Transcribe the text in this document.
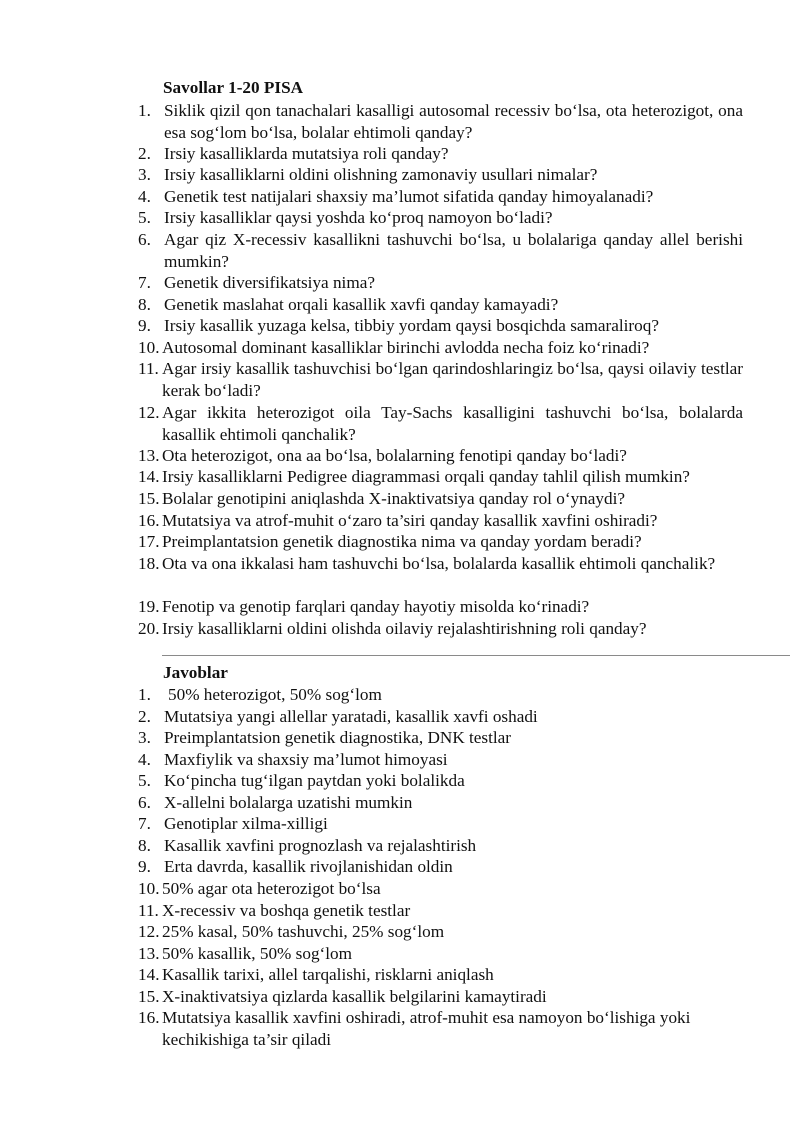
Savollar 1-20 PISA
1. Siklik qizil qon tanachalari kasalligi autosomal recessiv bo‘lsa, ota heterozigot, ona esa sog‘lom bo‘lsa, bolalar ehtimoli qanday?
2. Irsiy kasalliklarda mutatsiya roli qanday?
3. Irsiy kasalliklarni oldini olishning zamonaviy usullari nimalar?
4. Genetik test natijalari shaxsiy ma’lumot sifatida qanday himoyalanadi?
5. Irsiy kasalliklar qaysi yoshda ko‘proq namoyon bo‘ladi?
6. Agar qiz X-recessiv kasallikni tashuvchi bo‘lsa, u bolalariga qanday allel berishi mumkin?
7. Genetik diversifikatsiya nima?
8. Genetik maslahat orqali kasallik xavfi qanday kamayadi?
9. Irsiy kasallik yuzaga kelsa, tibbiy yordam qaysi bosqichda samaraliroq?
10. Autosomal dominant kasalliklar birinchi avlodda necha foiz ko‘rinadi?
11. Agar irsiy kasallik tashuvchisi bo‘lgan qarindoshlaringiz bo‘lsa, qaysi oilaviy testlar kerak bo‘ladi?
12. Agar ikkita heterozigot oila Tay-Sachs kasalligini tashuvchi bo‘lsa, bolalarda kasallik ehtimoli qanchalik?
13. Ota heterozigot, ona aa bo‘lsa, bolalarning fenotipi qanday bo‘ladi?
14. Irsiy kasalliklarni Pedigree diagrammasi orqali qanday tahlil qilish mumkin?
15. Bolalar genotipini aniqlashda X-inaktivatsiya qanday rol o‘ynaydi?
16. Mutatsiya va atrof-muhit o‘zaro ta’siri qanday kasallik xavfini oshiradi?
17. Preimplantatsion genetik diagnostika nima va qanday yordam beradi?
18. Ota va ona ikkalasi ham tashuvchi bo‘lsa, bolalarda kasallik ehtimoli qanchalik?
19. Fenotip va genotip farqlari qanday hayotiy misolda ko‘rinadi?
20. Irsiy kasalliklarni oldini olishda oilaviy rejalashtirishning roli qanday?
Javoblar
1. 50% heterozigot, 50% sog‘lom
2. Mutatsiya yangi allellar yaratadi, kasallik xavfi oshadi
3. Preimplantatsion genetik diagnostika, DNK testlar
4. Maxfiylik va shaxsiy ma’lumot himoyasi
5. Ko‘pincha tug‘ilgan paytdan yoki bolalikda
6. X-allelni bolalarga uzatishi mumkin
7. Genotiplar xilma-xilligi
8. Kasallik xavfini prognozlash va rejalashtirish
9. Erta davrda, kasallik rivojlanishidan oldin
10. 50% agar ota heterozigot bo‘lsa
11. X-recessiv va boshqa genetik testlar
12. 25% kasal, 50% tashuvchi, 25% sog‘lom
13. 50% kasallik, 50% sog‘lom
14. Kasallik tarixi, allel tarqalishi, risklarni aniqlash
15. X-inaktivatsiya qizlarda kasallik belgilarini kamaytiradi
16. Mutatsiya kasallik xavfini oshiradi, atrof-muhit esa namoyon bo‘lishiga yoki kechikishiga ta’sir qiladi
